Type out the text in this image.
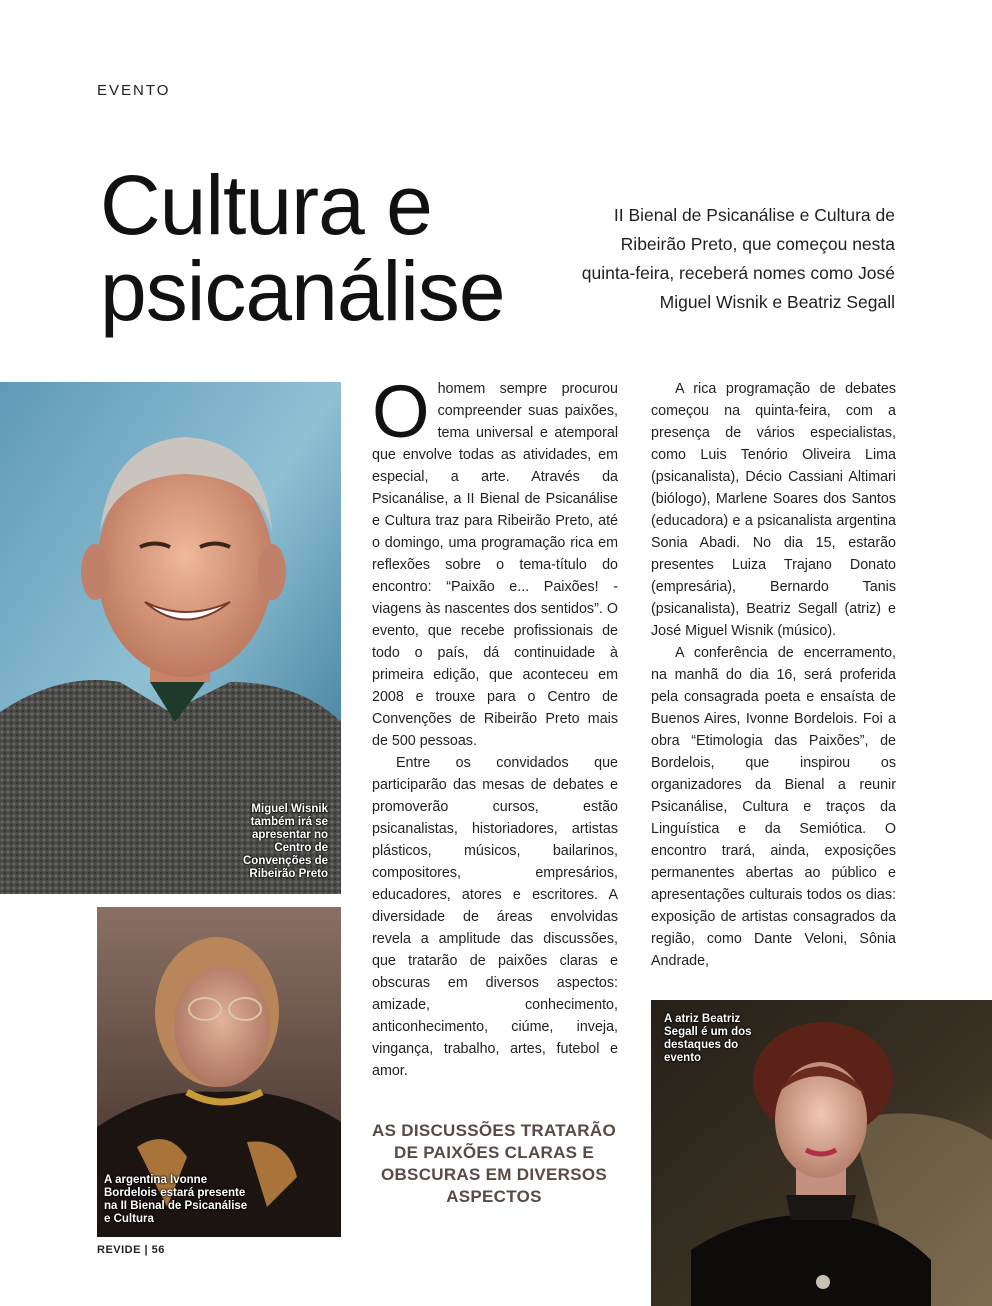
EVENTO
Cultura e
psicanálise
II Bienal de Psicanálise e Cultura de Ribeirão Preto, que começou nesta quinta-feira, receberá nomes como José Miguel Wisnik e Beatriz Segall
Miguel Wisnik também irá se apresentar no Centro de Convenções de Ribeirão Preto
A argentina Ivonne Bordelois estará presente na II Bienal de Psicanálise e Cultura
A atriz Beatriz Segall é um dos destaques do evento

Ohomem sempre procurou compreender suas paixões, tema universal e atemporal que envolve todas as atividades, em especial, a arte. Através da Psicanálise, a II Bienal de Psicanálise e Cultura traz para Ribeirão Preto, até o domingo, uma programação rica em reflexões sobre o tema-título do encontro: “Paixão e... Paixões! - viagens às nascentes dos sentidos”. O evento, que recebe profissionais de todo o país, dá continuidade à primeira edição, que aconteceu em 2008 e trouxe para o Centro de Convenções de Ribeirão Preto mais de 500 pessoas.

Entre os convidados que participarão das mesas de debates e promoverão cursos, estão psicanalistas, historiadores, artistas plásticos, músicos, bailarinos, compositores, empresários, educadores, atores e escritores. A diversidade de áreas envolvidas revela a amplitude das discussões, que tratarão de paixões claras e obscuras em diversos aspectos: amizade, conhecimento, anticonhecimento, ciúme, inveja, vingança, trabalho, artes, futebol e amor.

A rica programação de debates começou na quinta-feira, com a presença de vários especialistas, como Luis Tenório Oliveira Lima (psicanalista), Décio Cassiani Altimari (biólogo), Marlene Soares dos Santos (educadora) e a psicanalista argentina Sonia Abadi. No dia 15, estarão presentes Luiza Trajano Donato (empresária), Bernardo Tanis (psicanalista), Beatriz Segall (atriz) e José Miguel Wisnik (músico).

A conferência de encerramento, na manhã do dia 16, será proferida pela consagrada poeta e ensaísta de Buenos Aires, Ivonne Bordelois. Foi a obra “Etimologia das Paixões”, de Bordelois, que inspirou os organizadores da Bienal a reunir Psicanálise, Cultura e traços da Linguística e da Semiótica. O encontro trará, ainda, exposições permanentes abertas ao público e apresentações culturais todos os dias: exposição de artistas consagrados da região, como Dante Veloni, Sônia Andrade,

AS DISCUSSÕES TRATARÃO DE PAIXÕES CLARAS E OBSCURAS EM DIVERSOS ASPECTOS
REVIDE | 56
